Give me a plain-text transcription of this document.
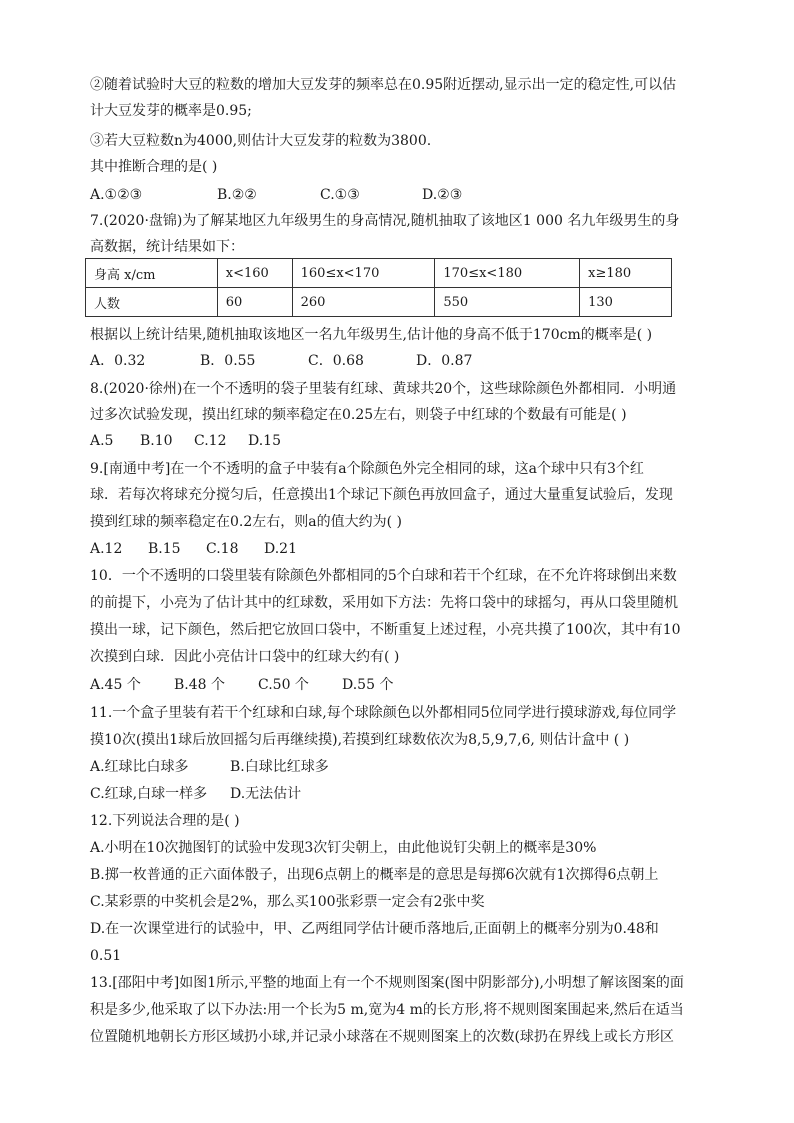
②随着试验时大豆的粒数的增加大豆发芽的频率总在0.95附近摆动,显示出一定的稳定性,可以估
计大豆发芽的概率是0.95;
③若大豆粒数n为4000,则估计大豆发芽的粒数为3800.
其中推断合理的是( )
A.①②③	B.②②	C.①③	D.②③
7.(2020·盘锦)为了解某地区九年级男生的身高情况,随机抽取了该地区1 000 名九年级男生的身
高数据，统计结果如下：
身高 x/cm	x<160	160≤x<170	170≤x<180	x≥180
人数	60	260	550	130
根据以上统计结果,随机抽取该地区一名九年级男生,估计他的身高不低于170cm的概率是( )
A．0.32	B．0.55	C．0.68	D．0.87
8.(2020·徐州)在一个不透明的袋子里装有红球、黄球共20个，这些球除颜色外都相同．小明通
过多次试验发现，摸出红球的频率稳定在0.25左右，则袋子中红球的个数最有可能是( )
A.5 B.10 C.12 D.15
9.[南通中考]在一个不透明的盒子中装有a个除颜色外完全相同的球，这a个球中只有3个红
球．若每次将球充分搅匀后，任意摸出1个球记下颜色再放回盒子，通过大量重复试验后，发现
摸到红球的频率稳定在0.2左右，则a的值大约为( )
A.12 B.15 C.18 D.21
10．一个不透明的口袋里装有除颜色外都相同的5个白球和若干个红球，在不允许将球倒出来数
的前提下，小亮为了估计其中的红球数，采用如下方法：先将口袋中的球摇匀，再从口袋里随机
摸出一球，记下颜色，然后把它放回口袋中，不断重复上述过程，小亮共摸了100次，其中有10
次摸到白球．因此小亮估计口袋中的红球大约有( )
A.45 个 B.48 个 C.50 个 D.55 个
11.一个盒子里装有若干个红球和白球,每个球除颜色以外都相同5位同学进行摸球游戏,每位同学
摸10次(摸出1球后放回摇匀后再继续摸),若摸到红球数依次为8,5,9,7,6, 则估计盒中 ( )
A.红球比白球多	B.白球比红球多
C.红球,白球一样多 D.无法估计
12.下列说法合理的是( )
A.小明在10次抛图钉的试验中发现3次钉尖朝上，由此他说钉尖朝上的概率是30%
B.掷一枚普通的正六面体骰子，出现6点朝上的概率是的意思是每掷6次就有1次掷得6点朝上
C.某彩票的中奖机会是2%，那么买100张彩票一定会有2张中奖
D.在一次课堂进行的试验中，甲、乙两组同学估计硬币落地后,正面朝上的概率分别为0.48和
0.51
13.[邵阳中考]如图1所示,平整的地面上有一个不规则图案(图中阴影部分),小明想了解该图案的面
积是多少,他采取了以下办法:用一个长为5 m,宽为4 m的长方形,将不规则图案围起来,然后在适当
位置随机地朝长方形区域扔小球,并记录小球落在不规则图案上的次数(球扔在界线上或长方形区
